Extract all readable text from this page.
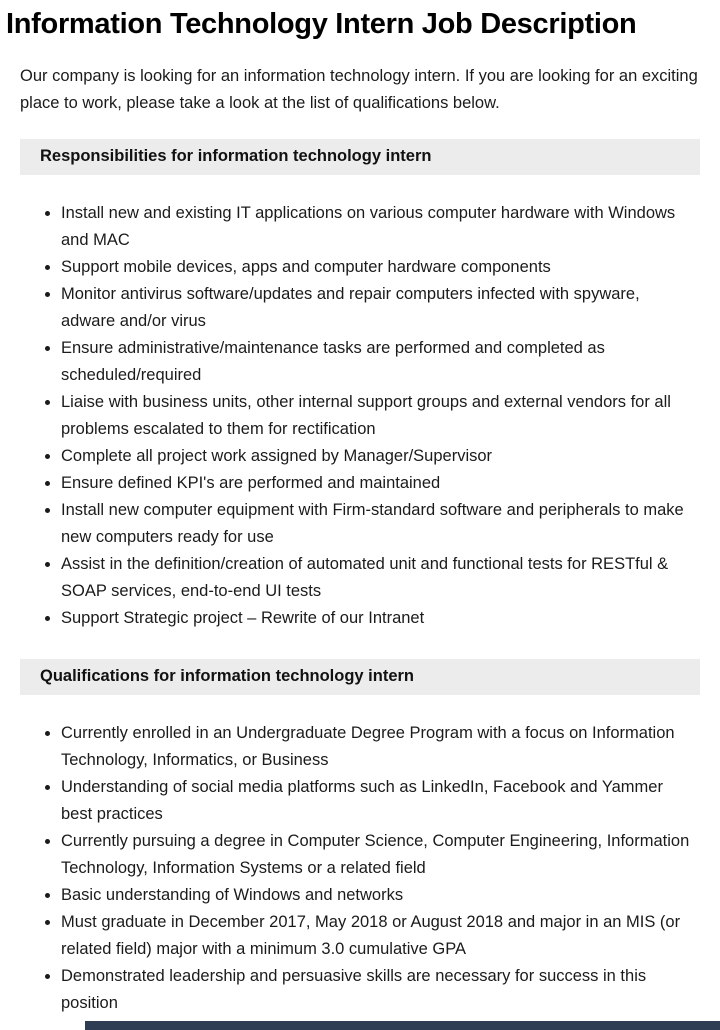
Information Technology Intern Job Description

Our company is looking for an information technology intern. If you are looking for an exciting place to work, please take a look at the list of qualifications below.

Responsibilities for information technology intern
• Install new and existing IT applications on various computer hardware with Windows and MAC
• Support mobile devices, apps and computer hardware components
• Monitor antivirus software/updates and repair computers infected with spyware, adware and/or virus
• Ensure administrative/maintenance tasks are performed and completed as scheduled/required
• Liaise with business units, other internal support groups and external vendors for all problems escalated to them for rectification
• Complete all project work assigned by Manager/Supervisor
• Ensure defined KPI's are performed and maintained
• Install new computer equipment with Firm-standard software and peripherals to make new computers ready for use
• Assist in the definition/creation of automated unit and functional tests for RESTful & SOAP services, end-to-end UI tests
• Support Strategic project – Rewrite of our Intranet
Qualifications for information technology intern
• Currently enrolled in an Undergraduate Degree Program with a focus on Information Technology, Informatics, or Business
• Understanding of social media platforms such as LinkedIn, Facebook and Yammer best practices
• Currently pursuing a degree in Computer Science, Computer Engineering, Information Technology, Information Systems or a related field
• Basic understanding of Windows and networks
• Must graduate in December 2017, May 2018 or August 2018 and major in an MIS (or related field) major with a minimum 3.0 cumulative GPA
• Demonstrated leadership and persuasive skills are necessary for success in this position
